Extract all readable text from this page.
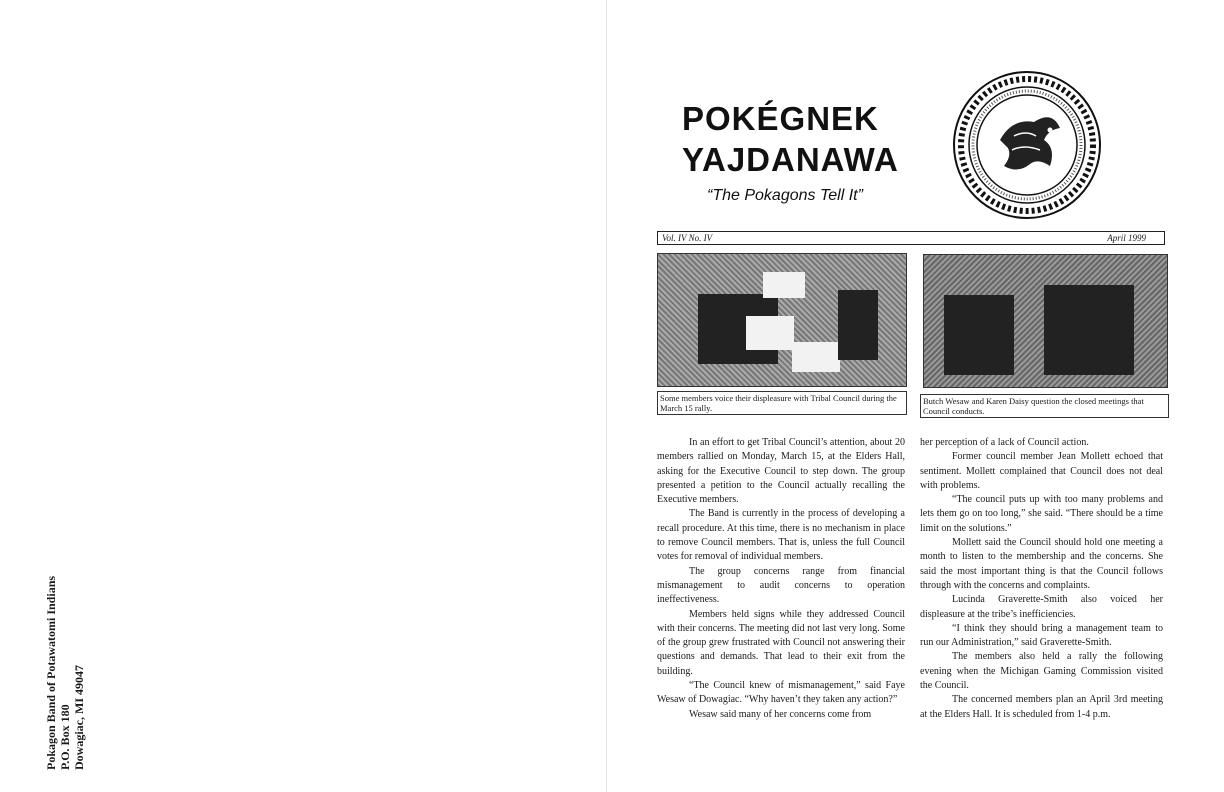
Pokagon Band of Potawatomi Indians P.O. Box 180 Dowagiac, MI 49047
POKÉGNEK
YAJDANAWA
“The Pokagons Tell It”
Vol. IV No. IV	April 1999
Some members voice their displeasure with Tribal Council during the March 15 rally.
Butch Wesaw and Karen Daisy question the closed meetings that Council conducts.

In an effort to get Tribal Council’s attention, about 20 members rallied on Monday, March 15, at the Elders Hall, asking for the Executive Council to step down. The group presented a petition to the Council actually recalling the Executive members.

The Band is currently in the process of developing a recall procedure. At this time, there is no mechanism in place to remove Council members. That is, unless the full Council votes for removal of individual members.

The group concerns range from financial mismanagement to audit concerns to operation ineffectiveness.

Members held signs while they addressed Council with their concerns. The meeting did not last very long. Some of the group grew frustrated with Council not answering their questions and demands. That lead to their exit from the building.

“The Council knew of mismanagement,” said Faye Wesaw of Dowagiac. “Why haven’t they taken any action?”

Wesaw said many of her concerns come from

her perception of a lack of Council action.

Former council member Jean Mollett echoed that sentiment. Mollett complained that Council does not deal with problems.

“The council puts up with too many problems and lets them go on too long,” she said. “There should be a time limit on the solutions.”

Mollett said the Council should hold one meeting a month to listen to the membership and the concerns. She said the most important thing is that the Council follows through with the concerns and complaints.

Lucinda Graverette-Smith also voiced her displeasure at the tribe’s inefficiencies.

“I think they should bring a management team to run our Administration,” said Graverette-Smith.

The members also held a rally the following evening when the Michigan Gaming Commission visited the Council.

The concerned members plan an April 3rd meeting at the Elders Hall. It is scheduled from 1-4 p.m.
